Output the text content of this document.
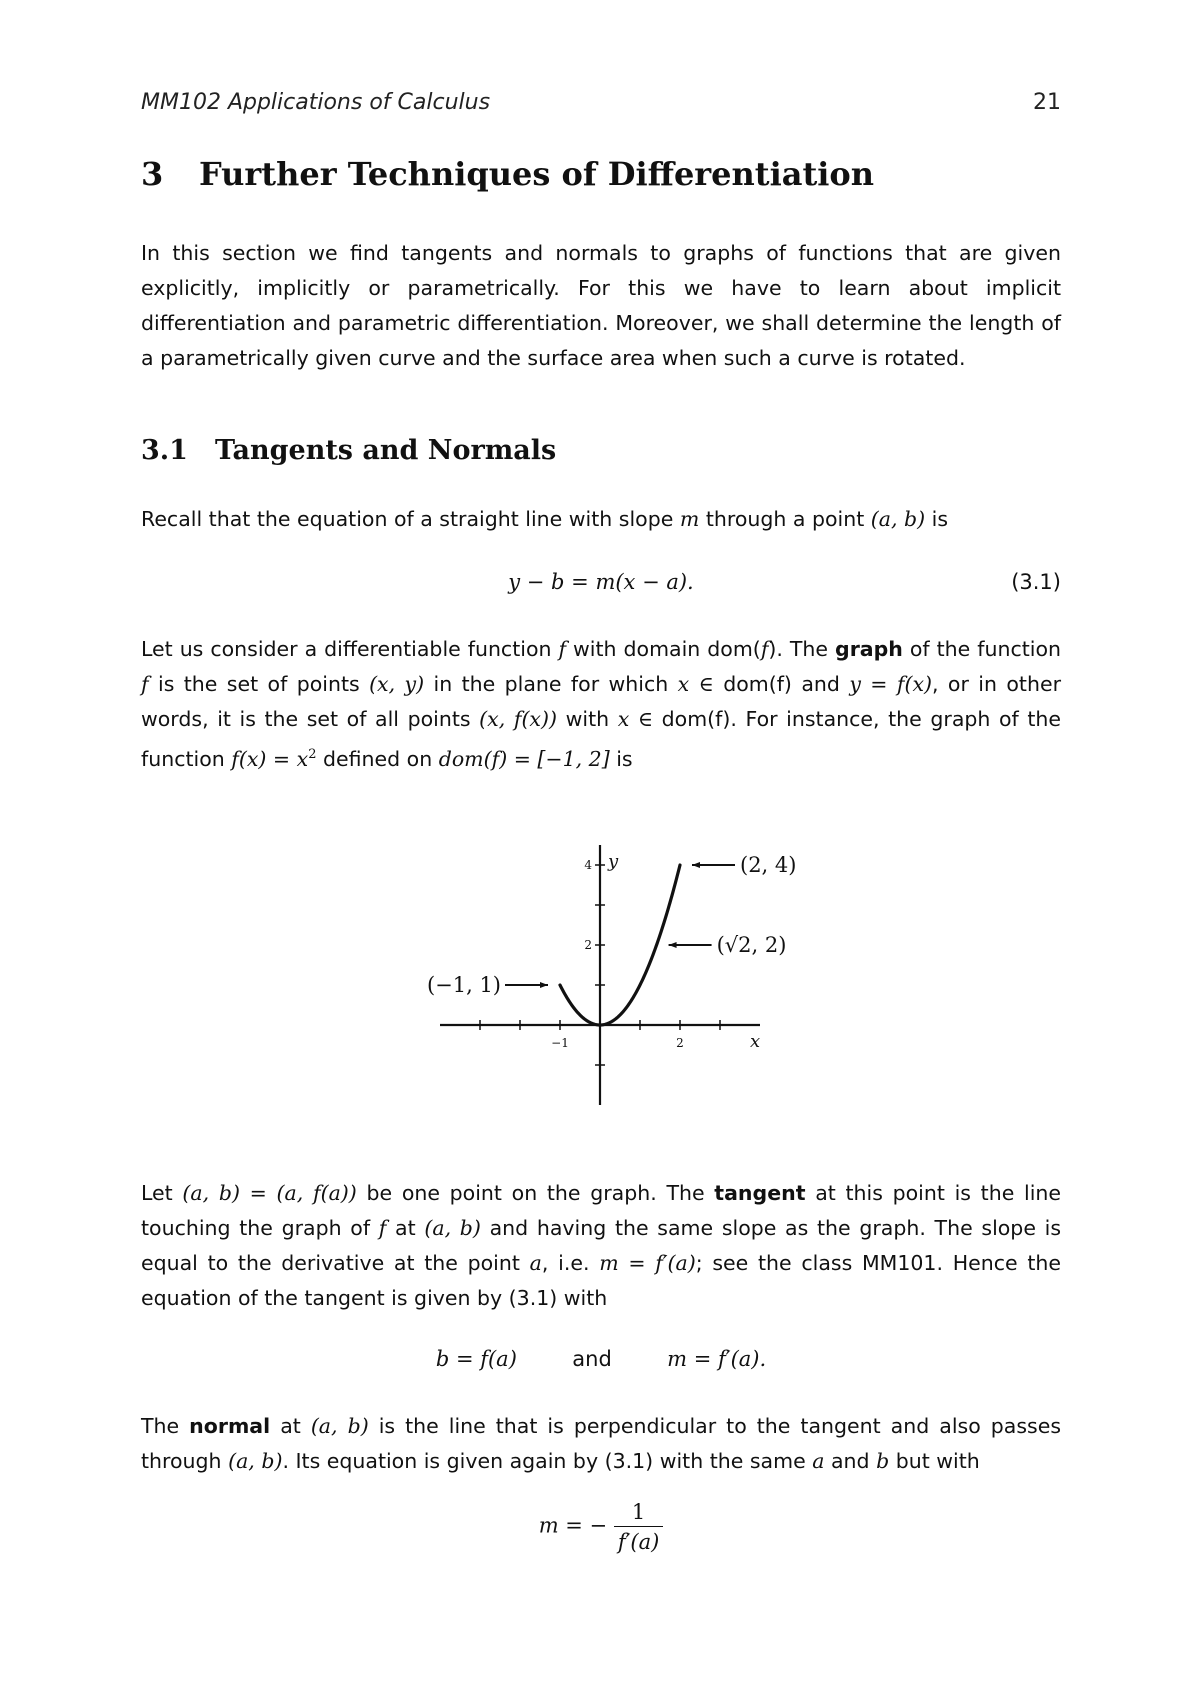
MM102 Applications of Calculus	21
3 Further Techniques of Differentiation
In this section we find tangents and normals to graphs of functions that are given explicitly, implicitly or parametrically. For this we have to learn about implicit differentiation and parametric differentiation. Moreover, we shall determine the length of a parametrically given curve and the surface area when such a curve is rotated.
3.1 Tangents and Normals
Recall that the equation of a straight line with slope m through a point (a, b) is
y − b = m(x − a).	(3.1)
Let us consider a differentiable function f with domain dom(f). The graph of the function f is the set of points (x, y) in the plane for which x ∈ dom(f) and y = f(x), or in other words, it is the set of all points (x, f(x)) with x ∈ dom(f). For instance, the graph of the function $f(x) = x^2$ defined on dom(f) = [−1, 2] is
−1	2
2
4
x
y	(2, 4)
(√2, 2)
(−1, 1)
Let (a, b) = (a, f(a)) be one point on the graph. The tangent at this point is the line touching the graph of f at (a, b) and having the same slope as the graph. The slope is equal to the derivative at the point a, i.e. m = f′(a); see the class MM101. Hence the equation of the tangent is given by (3.1) with
b = f(a)	and	m = f′(a).
The normal at (a, b) is the line that is perpendicular to the tangent and also passes through (a, b). Its equation is given again by (3.1) with the same a and b but with
m = − $\frac{1}{f'(a)}$
